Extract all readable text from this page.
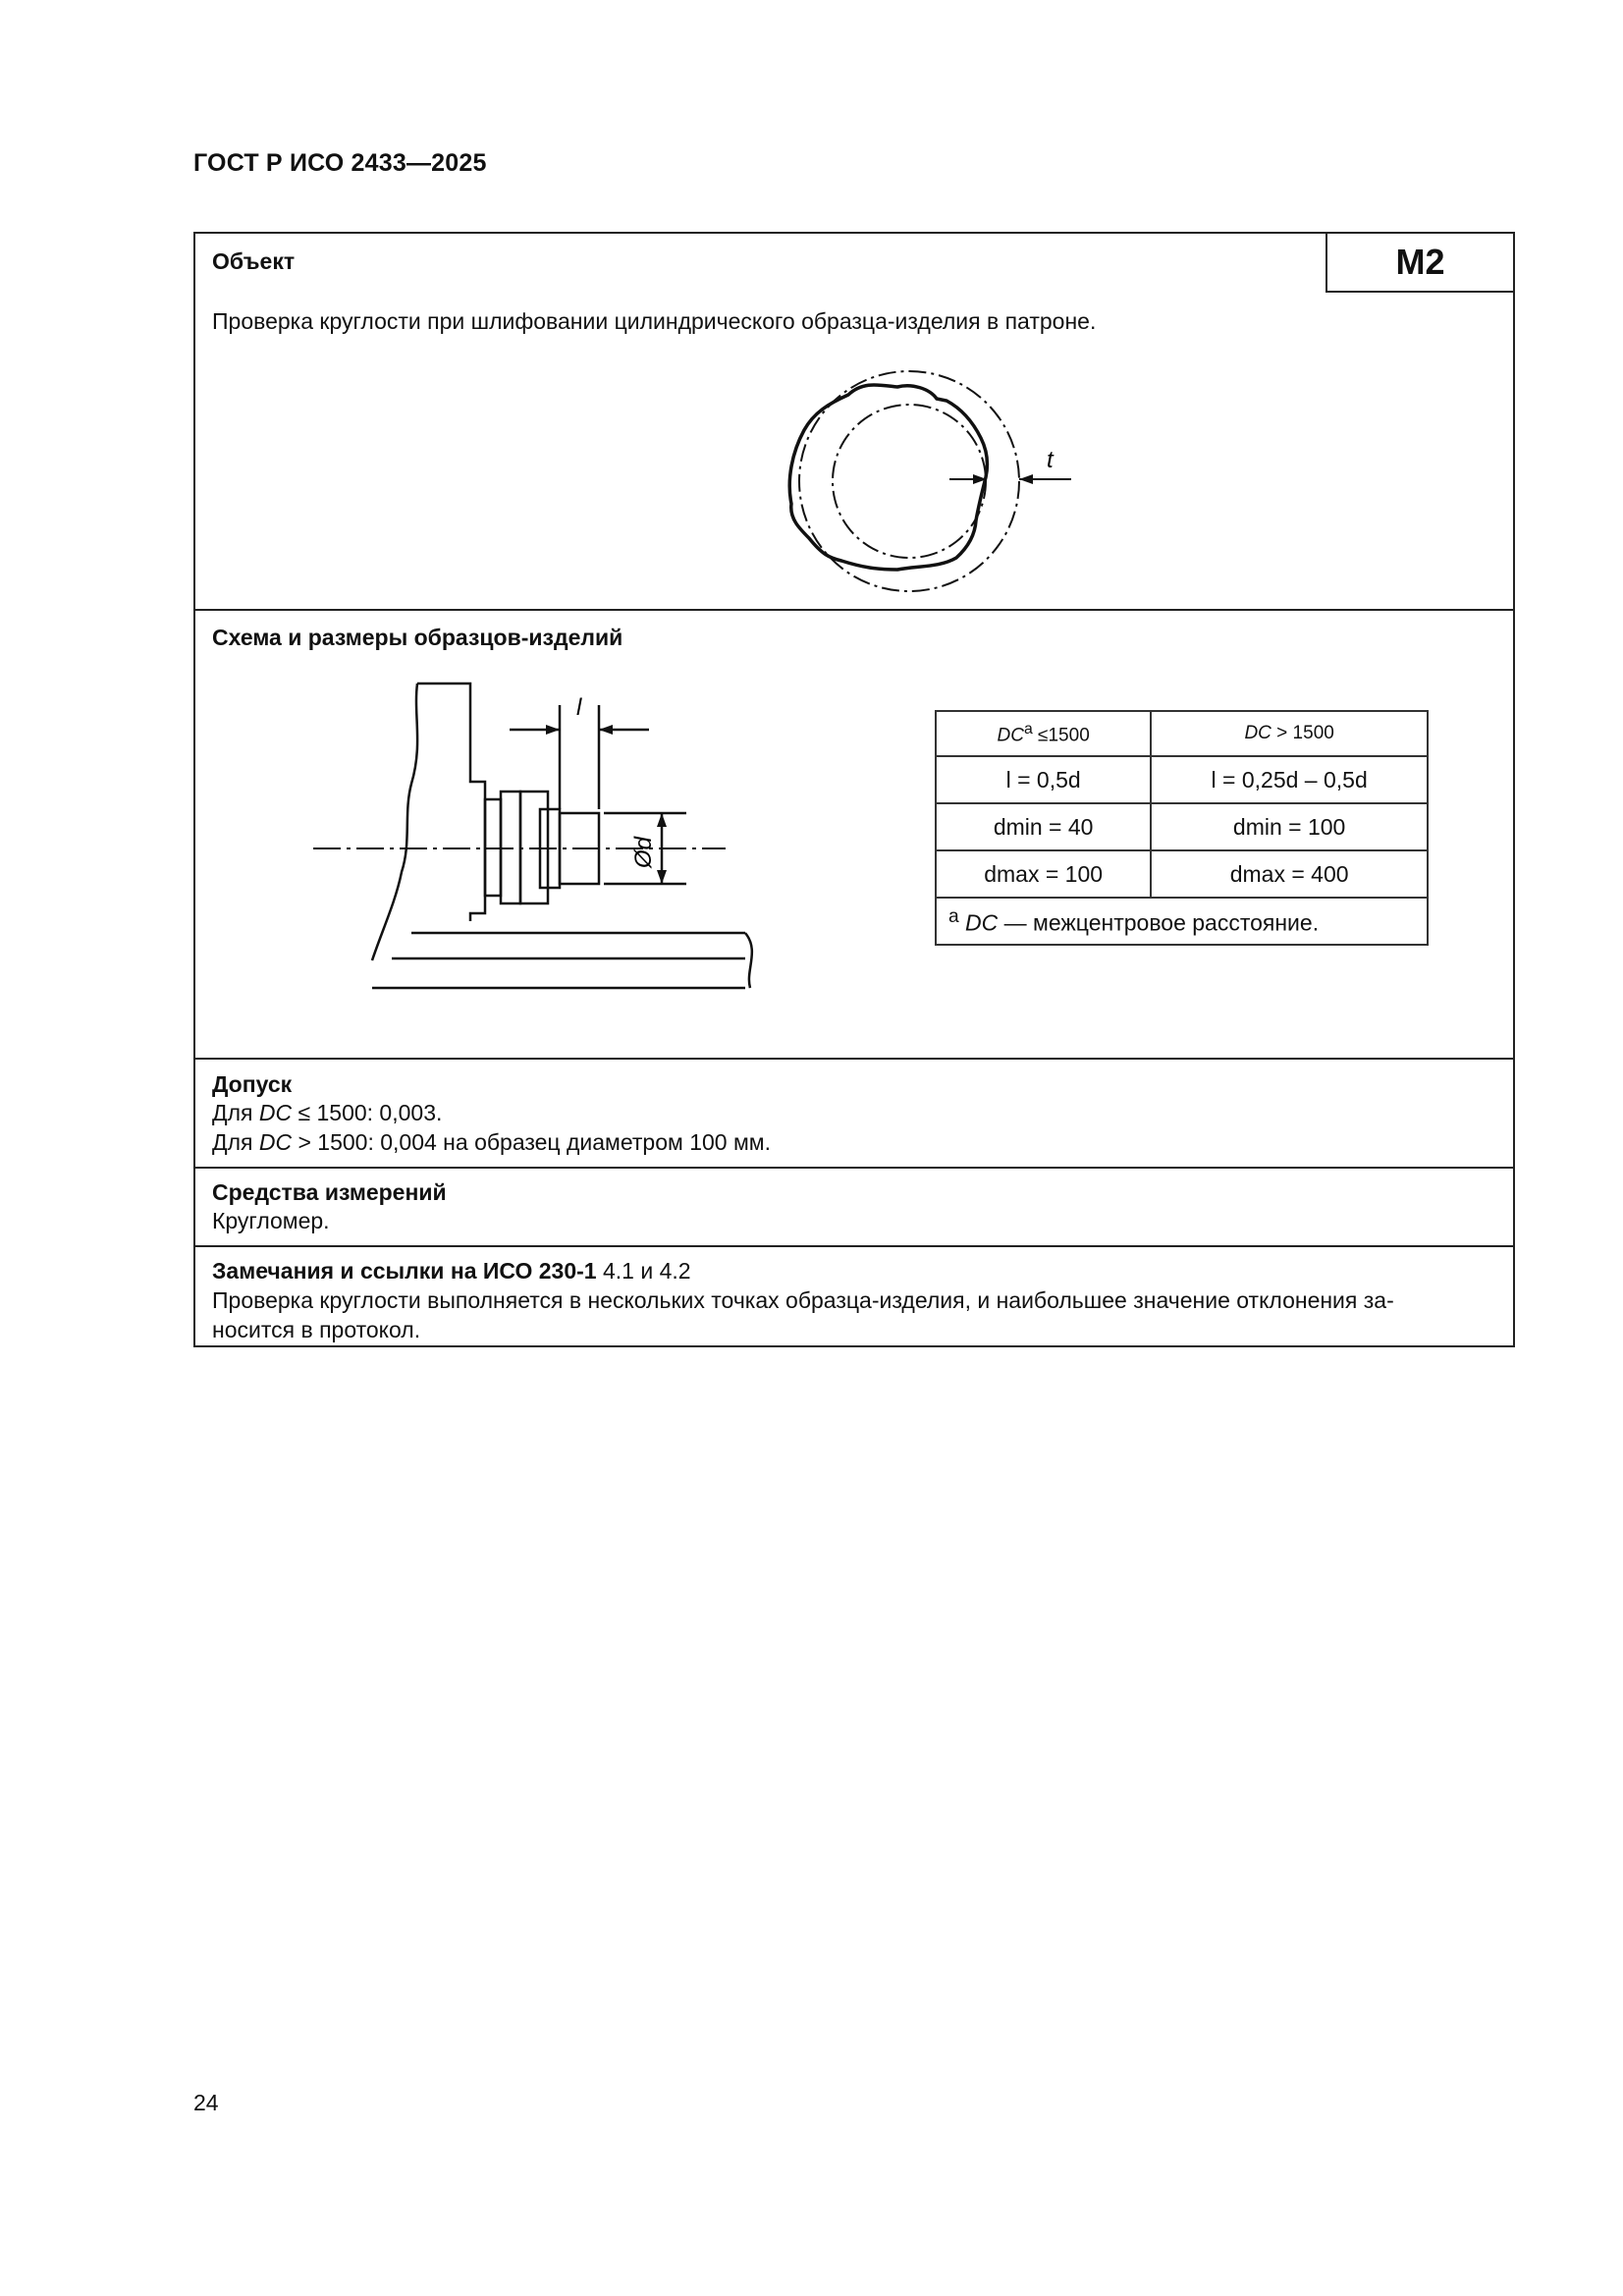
ГОСТ Р ИСО 2433—2025
M2
Объект
Проверка круглости при шлифовании цилиндрического образца-изделия в патроне.
t
Схема и размеры образцов-изделий
l
Ød
$DC^a \le 1500$	DC > 1500
l = 0,5d	l = 0,25d – 0,5d
dmin = 40	dmin = 100
dmax = 100	dmax = 400
$^a$ DC — межцентровое расстояние.	
Допуск
Для DC ≤ 1500: 0,003.
Для DC > 1500: 0,004 на образец диаметром 100 мм.
Средства измерений
Кругломер.
Замечания и ссылки на ИСО 230-1 4.1 и 4.2
Проверка круглости выполняется в нескольких точках образца-изделия, и наибольшее значение отклонения за-
носится в протокол.
24
